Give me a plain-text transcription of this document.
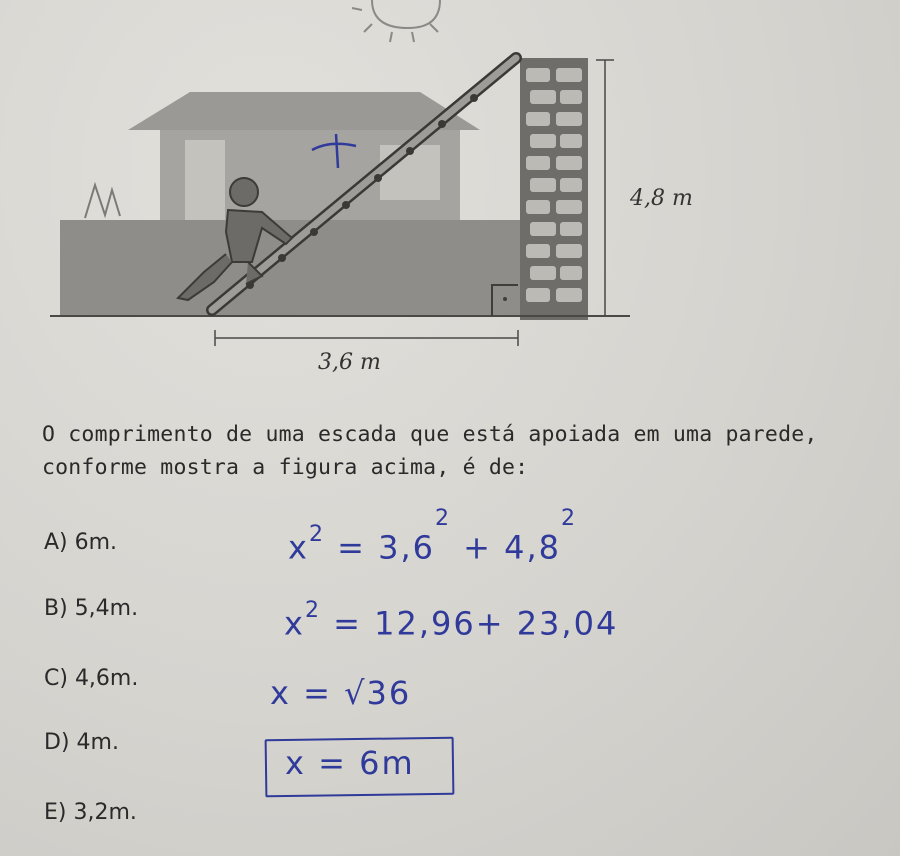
4,8 m
3,6 m
O comprimento de uma escada que está apoiada em uma parede, conforme mostra a figura acima, é de:
A) 6m.
B) 5,4m.
C) 4,6m.
D) 4m.
E) 3,2m.
$x^2 = 3,6^2 + 4,8^2$
$x^2 = 12,96+ 23,04$
x = √36
x = 6m
